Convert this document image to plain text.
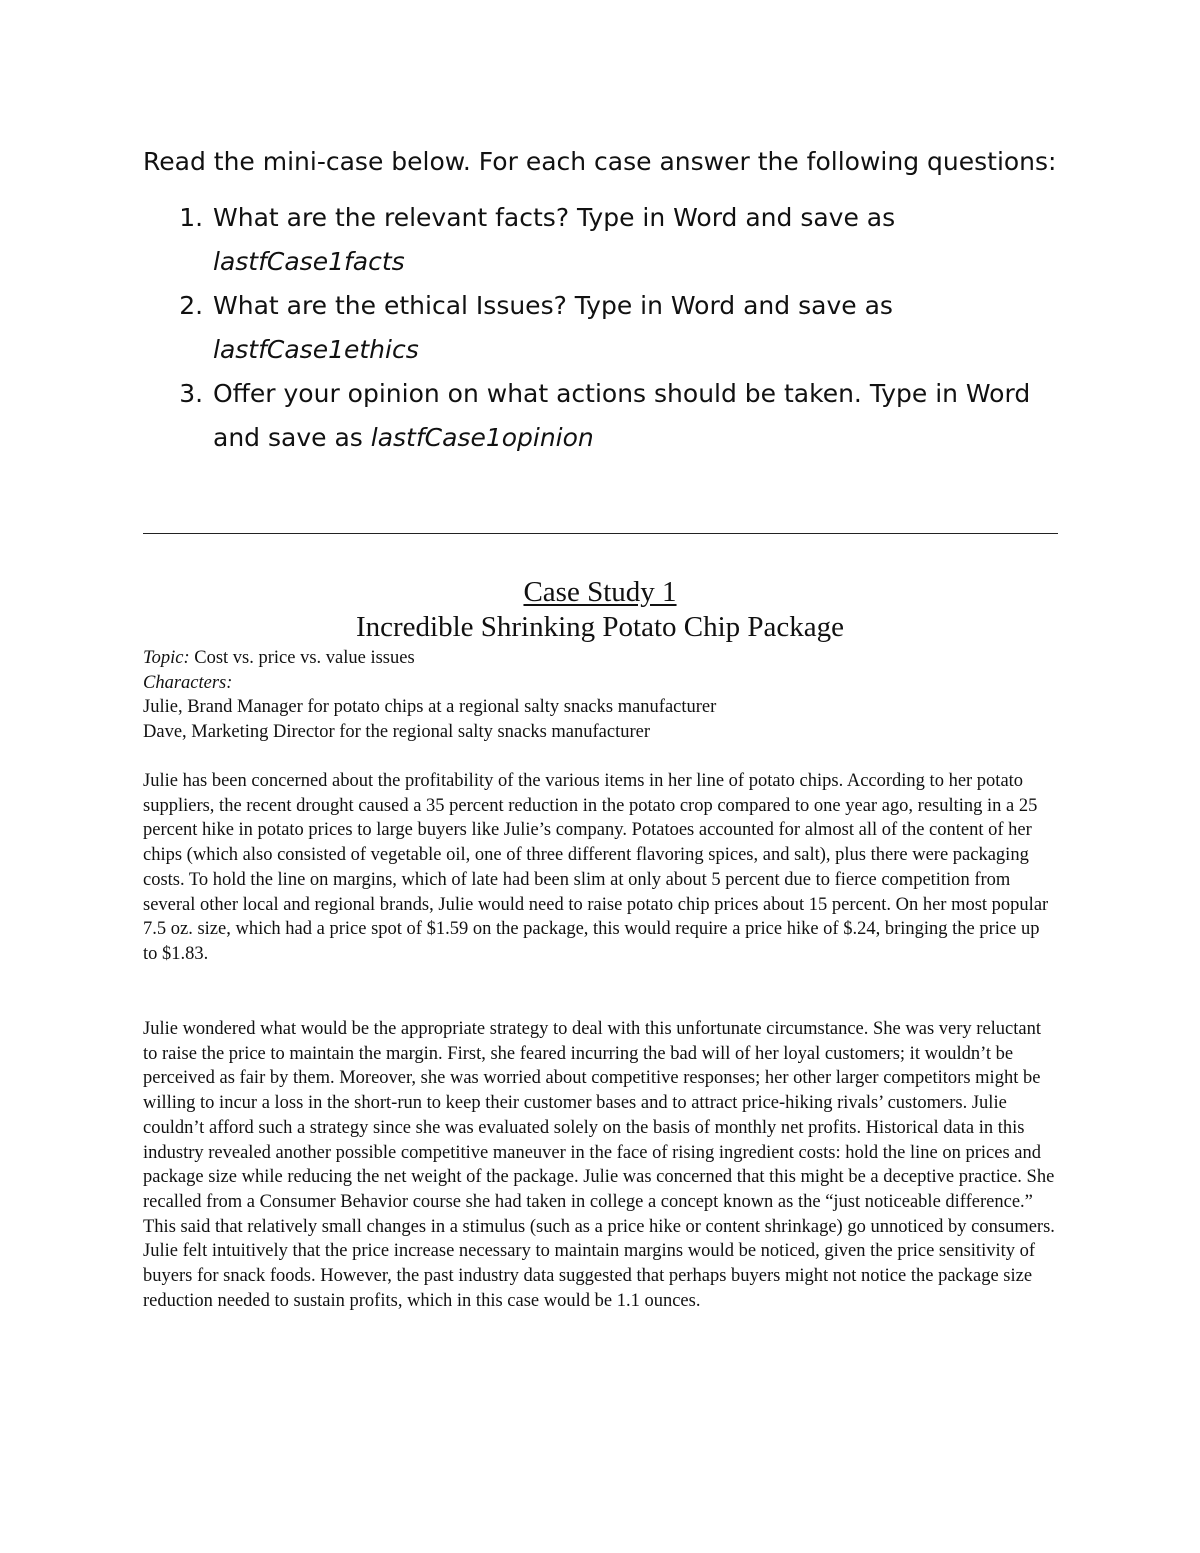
Read the mini-case below. For each case answer the following questions:

1. What are the relevant facts? Type in Word and save as lastfCase1facts
2. What are the ethical Issues? Type in Word and save as lastfCase1ethics
3. Offer your opinion on what actions should be taken. Type in Word and save as lastfCase1opinion
Case Study 1
Incredible Shrinking Potato Chip Package

Topic: Cost vs. price vs. value issues

Characters:

Julie, Brand Manager for potato chips at a regional salty snacks manufacturer

Dave, Marketing Director for the regional salty snacks manufacturer

Julie has been concerned about the profitability of the various items in her line of potato chips. According to her potato suppliers, the recent drought caused a 35 percent reduction in the potato crop compared to one year ago, resulting in a 25 percent hike in potato prices to large buyers like Julie’s company. Potatoes accounted for almost all of the content of her chips (which also consisted of vegetable oil, one of three different flavoring spices, and salt), plus there were packaging costs. To hold the line on margins, which of late had been slim at only about 5 percent due to fierce competition from several other local and regional brands, Julie would need to raise potato chip prices about 15 percent. On her most popular 7.5 oz. size, which had a price spot of $1.59 on the package, this would require a price hike of $.24, bringing the price up to $1.83.

Julie wondered what would be the appropriate strategy to deal with this unfortunate circumstance. She was very reluctant to raise the price to maintain the margin. First, she feared incurring the bad will of her loyal customers; it wouldn’t be perceived as fair by them. Moreover, she was worried about competitive responses; her other larger competitors might be willing to incur a loss in the short-run to keep their customer bases and to attract price-hiking rivals’ customers. Julie couldn’t afford such a strategy since she was evaluated solely on the basis of monthly net profits. Historical data in this industry revealed another possible competitive maneuver in the face of rising ingredient costs: hold the line on prices and package size while reducing the net weight of the package. Julie was concerned that this might be a deceptive practice. She recalled from a Consumer Behavior course she had taken in college a concept known as the “just noticeable difference.” This said that relatively small changes in a stimulus (such as a price hike or content shrinkage) go unnoticed by consumers. Julie felt intuitively that the price increase necessary to maintain margins would be noticed, given the price sensitivity of buyers for snack foods. However, the past industry data suggested that perhaps buyers might not notice the package size reduction needed to sustain profits, which in this case would be 1.1 ounces.
